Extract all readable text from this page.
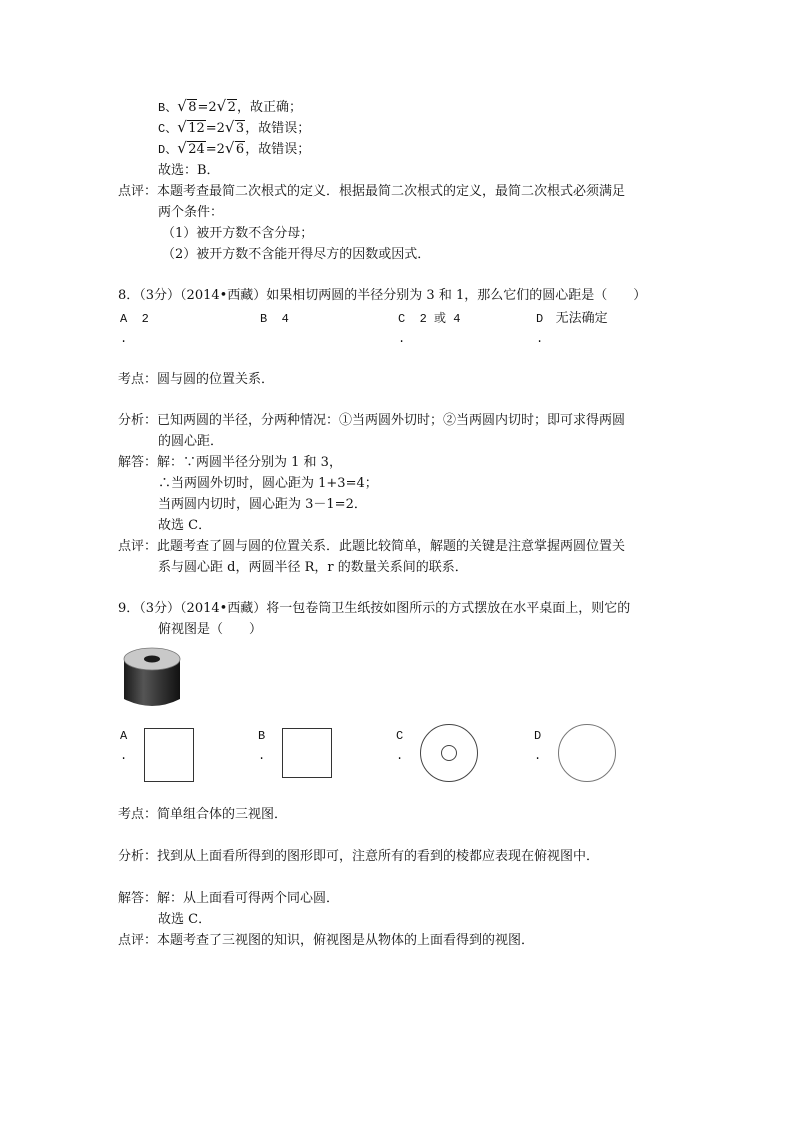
B、 √ 8=2 √ 2，故正确；
C、 √ 12=2 √ 3，故错误；
D、 √ 24=2 √ 6，故错误；
故选：B．
点评：本题考查最简二次根式的定义．根据最简二次根式的定义，最简二次根式必须满足
两个条件：
（1）被开方数不含分母；
（2）被开方数不含能开得尽方的因数或因式．
8．（3分）（2014•西藏）如果相切两圆的半径分别为 3 和 1，那么它们的圆心距是（　　）
A 2
.
B 4	C 2 或 4
.
D 无法确定
.
考点：圆与圆的位置关系．
分析：已知两圆的半径，分两种情况：①当两圆外切时；②当两圆内切时；即可求得两圆
的圆心距．
解答：解：∵两圆半径分别为 1 和 3，
∴当两圆外切时，圆心距为 1+3=4；
当两圆内切时，圆心距为 3－1=2．
故选 C．
点评：此题考查了圆与圆的位置关系．此题比较简单，解题的关键是注意掌握两圆位置关
系与圆心距 d，两圆半径 R，r 的数量关系间的联系．
9．（3分）（2014•西藏）将一包卷筒卫生纸按如图所示的方式摆放在水平桌面上，则它的
俯视图是（　　）
A
.
B
.
C
.
D
.
考点：简单组合体的三视图．
分析：找到从上面看所得到的图形即可，注意所有的看到的棱都应表现在俯视图中．
解答：解：从上面看可得两个同心圆．
故选 C．
点评：本题考查了三视图的知识，俯视图是从物体的上面看得到的视图．
